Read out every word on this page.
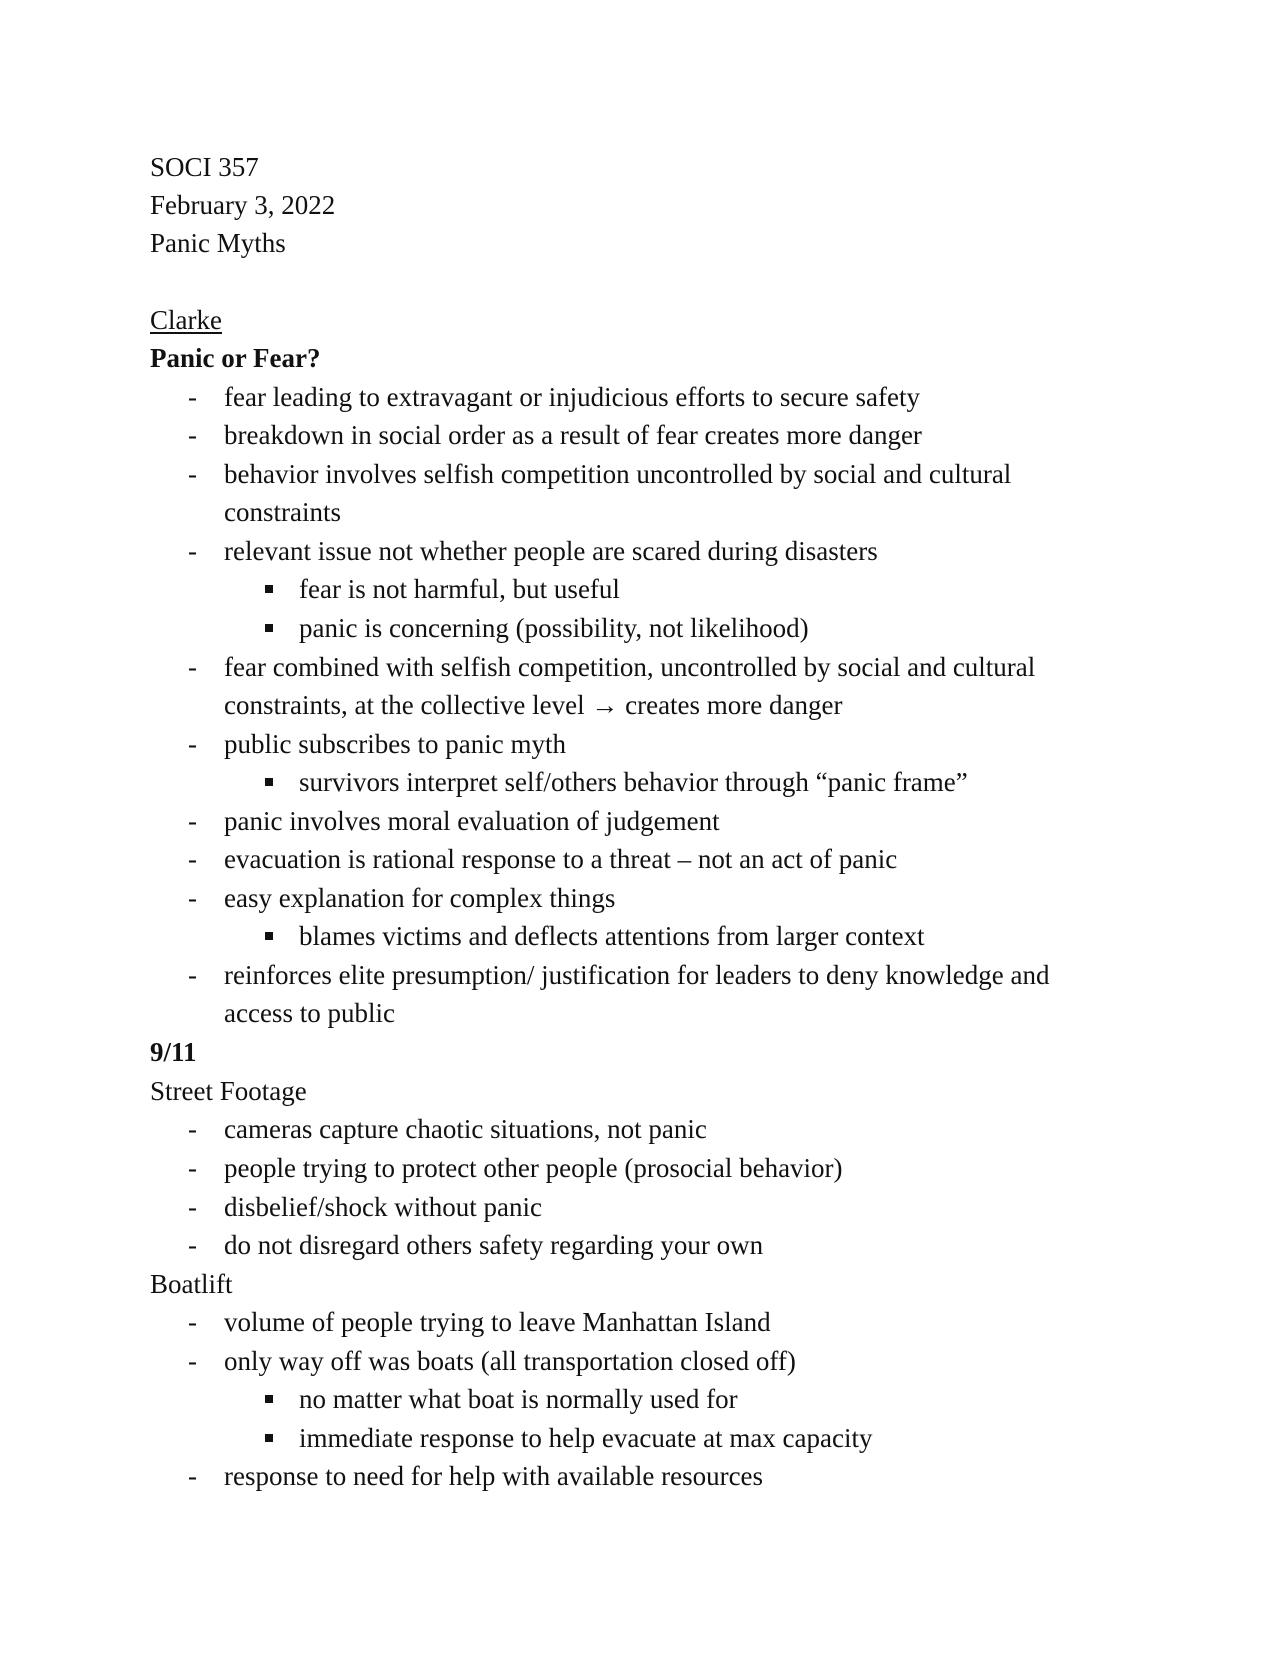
SOCI 357
February 3, 2022
Panic Myths
Clarke
Panic or Fear?
- fear leading to extravagant or injudicious efforts to secure safety
- breakdown in social order as a result of fear creates more danger
- behavior involves selfish competition uncontrolled by social and cultural
constraints
- relevant issue not whether people are scared during disasters
fear is not harmful, but useful
panic is concerning (possibility, not likelihood)
- fear combined with selfish competition, uncontrolled by social and cultural
constraints, at the collective level → creates more danger
- public subscribes to panic myth
survivors interpret self/others behavior through “panic frame”
- panic involves moral evaluation of judgement
- evacuation is rational response to a threat – not an act of panic
- easy explanation for complex things
blames victims and deflects attentions from larger context
- reinforces elite presumption/ justification for leaders to deny knowledge and
access to public
9/11
Street Footage
- cameras capture chaotic situations, not panic
- people trying to protect other people (prosocial behavior)
- disbelief/shock without panic
- do not disregard others safety regarding your own
Boatlift
- volume of people trying to leave Manhattan Island
- only way off was boats (all transportation closed off)
no matter what boat is normally used for
immediate response to help evacuate at max capacity
- response to need for help with available resources
